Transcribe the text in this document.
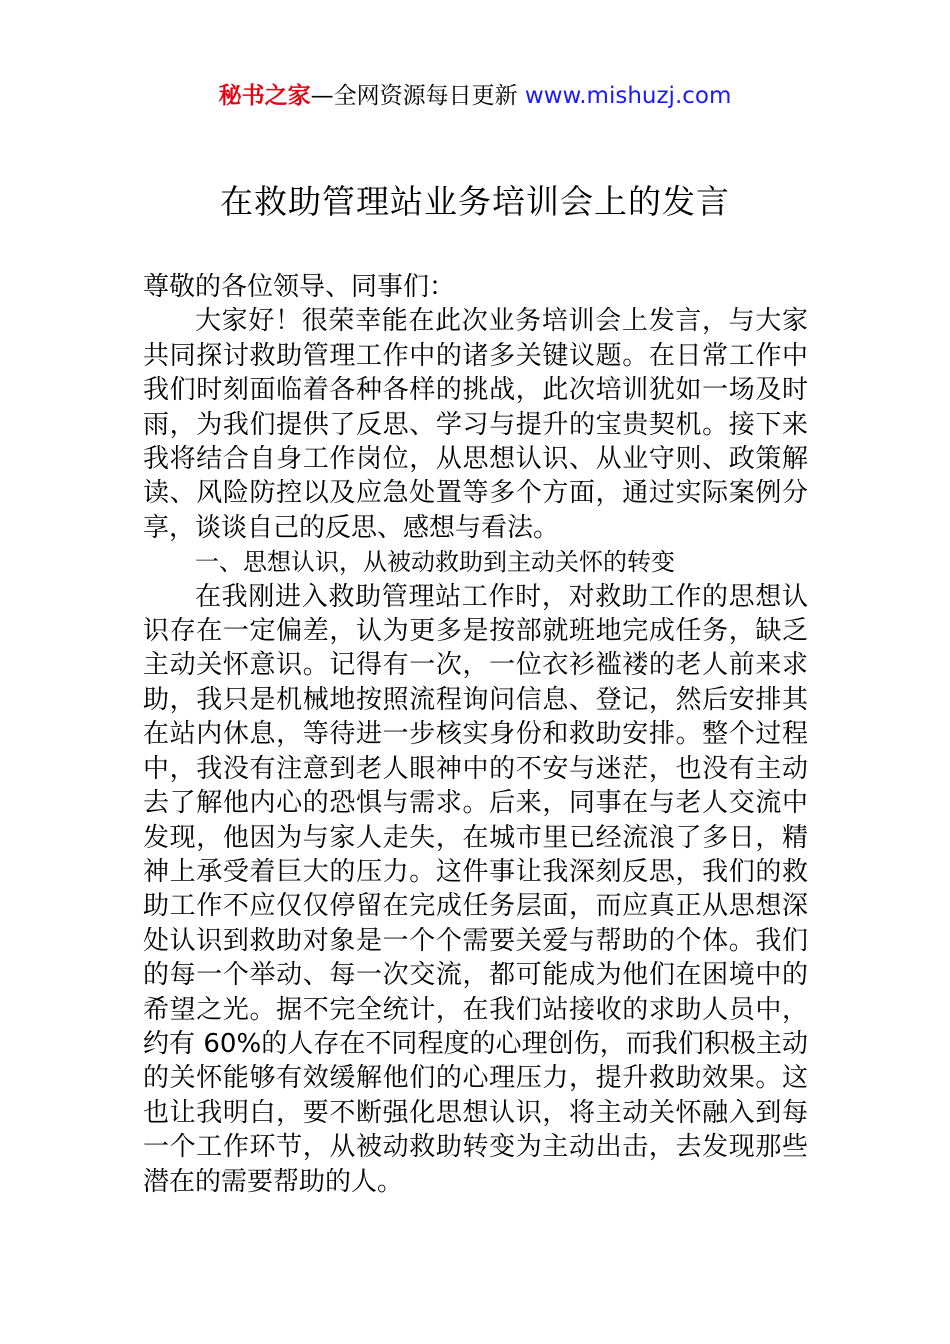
秘书之家—全网资源每日更新 www.mishuzj.com
在救助管理站业务培训会上的发言

尊敬的各位领导、同事们：

大家好！很荣幸能在此次业务培训会上发言，与大家共同探讨救助管理工作中的诸多关键议题。在日常工作中我们时刻面临着各种各样的挑战，此次培训犹如一场及时雨，为我们提供了反思、学习与提升的宝贵契机。接下来我将结合自身工作岗位，从思想认识、从业守则、政策解读、风险防控以及应急处置等多个方面，通过实际案例分享，谈谈自己的反思、感想与看法。

一、思想认识，从被动救助到主动关怀的转变

在我刚进入救助管理站工作时，对救助工作的思想认识存在一定偏差，认为更多是按部就班地完成任务，缺乏主动关怀意识。记得有一次，一位衣衫褴褛的老人前来求助，我只是机械地按照流程询问信息、登记，然后安排其在站内休息，等待进一步核实身份和救助安排。整个过程中，我没有注意到老人眼神中的不安与迷茫，也没有主动去了解他内心的恐惧与需求。后来，同事在与老人交流中发现，他因为与家人走失，在城市里已经流浪了多日，精神上承受着巨大的压力。这件事让我深刻反思，我们的救助工作不应仅仅停留在完成任务层面，而应真正从思想深处认识到救助对象是一个个需要关爱与帮助的个体。我们的每一个举动、每一次交流，都可能成为他们在困境中的希望之光。据不完全统计，在我们站接收的求助人员中，约有 60%的人存在不同程度的心理创伤，而我们积极主动的关怀能够有效缓解他们的心理压力，提升救助效果。这也让我明白，要不断强化思想认识，将主动关怀融入到每一个工作环节，从被动救助转变为主动出击，去发现那些潜在的需要帮助的人。
